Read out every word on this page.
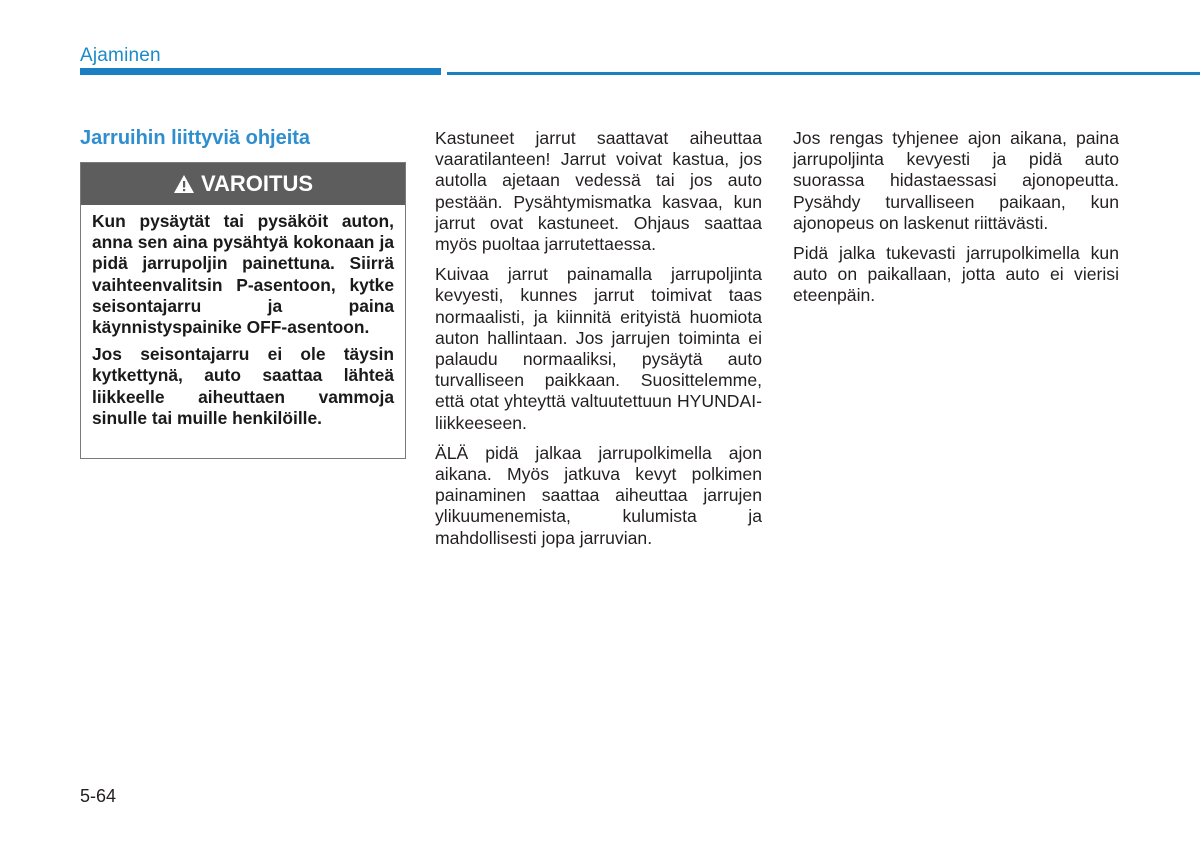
Ajaminen
Jarruihin liittyviä ohjeita
VAROITUS

Kun pysäytät tai pysäköit auton, anna sen aina pysähtyä kokonaan ja pidä jarrupoljin painettuna. Siirrä vaihteenvalitsin P-asentoon, kytke seisontajarru ja paina käynnistyspainike OFF-asentoon.

Jos seisontajarru ei ole täysin kytkettynä, auto saattaa lähteä liikkeelle aiheuttaen vammoja sinulle tai muille henkilöille.

Kastuneet jarrut saattavat aiheuttaa vaaratilanteen! Jarrut voivat kastua, jos autolla ajetaan vedessä tai jos auto pestään. Pysähtymismatka kasvaa, kun jarrut ovat kastuneet. Ohjaus saattaa myös puoltaa jarrutettaessa.

Kuivaa jarrut painamalla jarrupoljinta kevyesti, kunnes jarrut toimivat taas normaalisti, ja kiinnitä erityistä huomiota auton hallintaan. Jos jarrujen toiminta ei palaudu normaaliksi, pysäytä auto turvalliseen paikkaan. Suosittelemme, että otat yhteyttä valtuutettuun HYUNDAI-liikkeeseen.

ÄLÄ pidä jalkaa jarrupolkimella ajon aikana. Myös jatkuva kevyt polkimen painaminen saattaa aiheuttaa jarrujen ylikuumenemista, kulumista ja mahdollisesti jopa jarruvian.

Jos rengas tyhjenee ajon aikana, paina jarrupoljinta kevyesti ja pidä auto suorassa hidastaessasi ajonopeutta. Pysähdy turvalliseen paikaan, kun ajonopeus on laskenut riittävästi.

Pidä jalka tukevasti jarrupolkimella kun auto on paikallaan, jotta auto ei vierisi eteenpäin.

5-64
